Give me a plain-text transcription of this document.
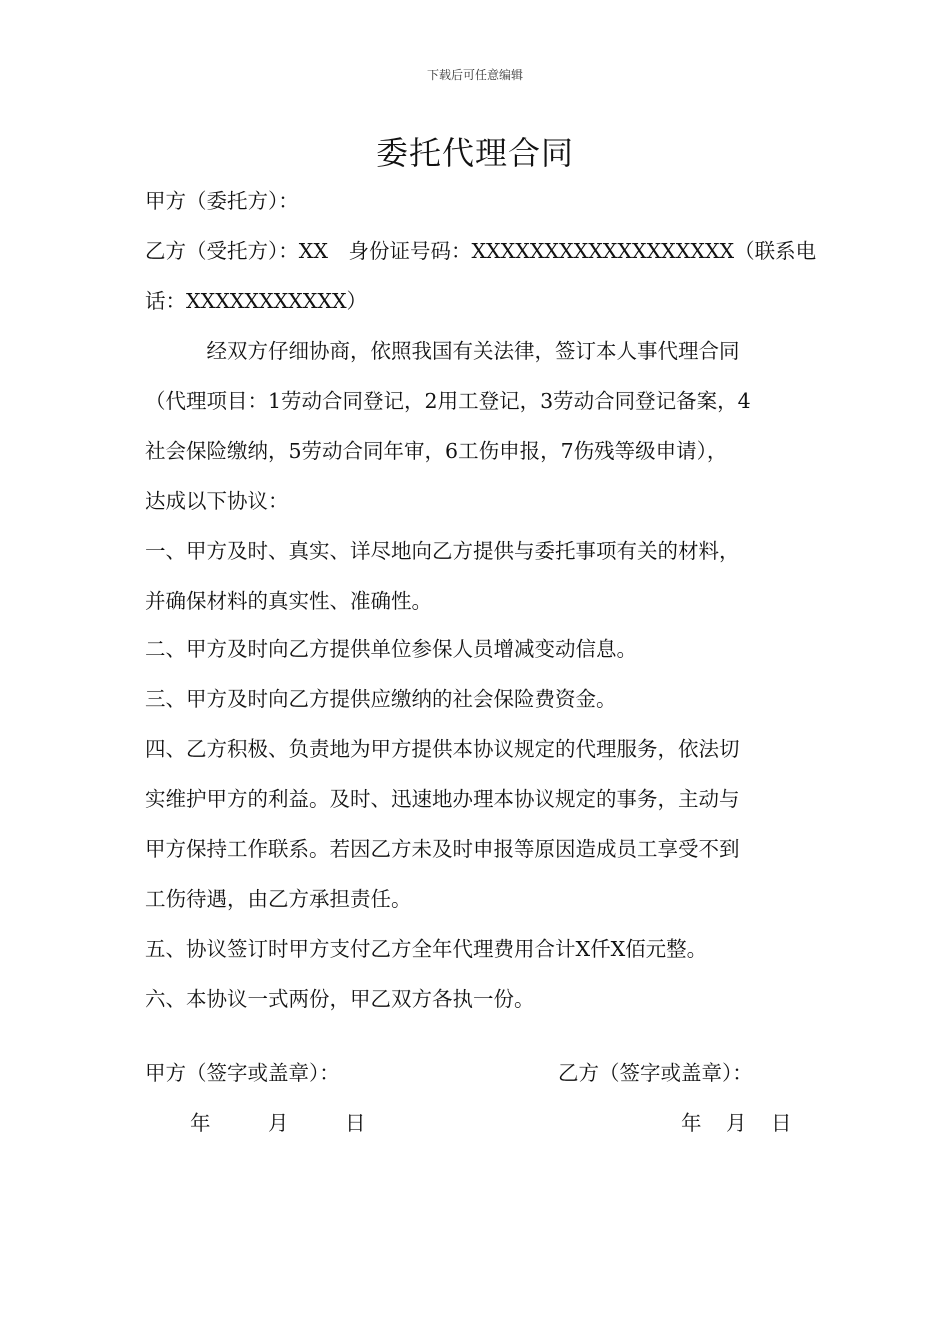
下载后可任意编辑
委托代理合同
甲方（委托方）：
乙方（受托方）：XX　身份证号码：XXXXXXXXXXXXXXXXXX（联系电
话：XXXXXXXXXXX）
　　　经双方仔细协商，依照我国有关法律，签订本人事代理合同
（代理项目：1劳动合同登记，2用工登记，3劳动合同登记备案，4
社会保险缴纳，5劳动合同年审，6工伤申报，7伤残等级申请），
达成以下协议：
一、甲方及时、真实、详尽地向乙方提供与委托事项有关的材料，
并确保材料的真实性、准确性。
二、甲方及时向乙方提供单位参保人员增减变动信息。
三、甲方及时向乙方提供应缴纳的社会保险费资金。
四、乙方积极、负责地为甲方提供本协议规定的代理服务，依法切
实维护甲方的利益。及时、迅速地办理本协议规定的事务，主动与
甲方保持工作联系。若因乙方未及时申报等原因造成员工享受不到
工伤待遇，由乙方承担责任。
五、协议签订时甲方支付乙方全年代理费用合计X仟X佰元整。
六、本协议一式两份，甲乙双方各执一份。
甲方（签字或盖章）：	乙方（签字或盖章）：
年	月	日	年 月 日
